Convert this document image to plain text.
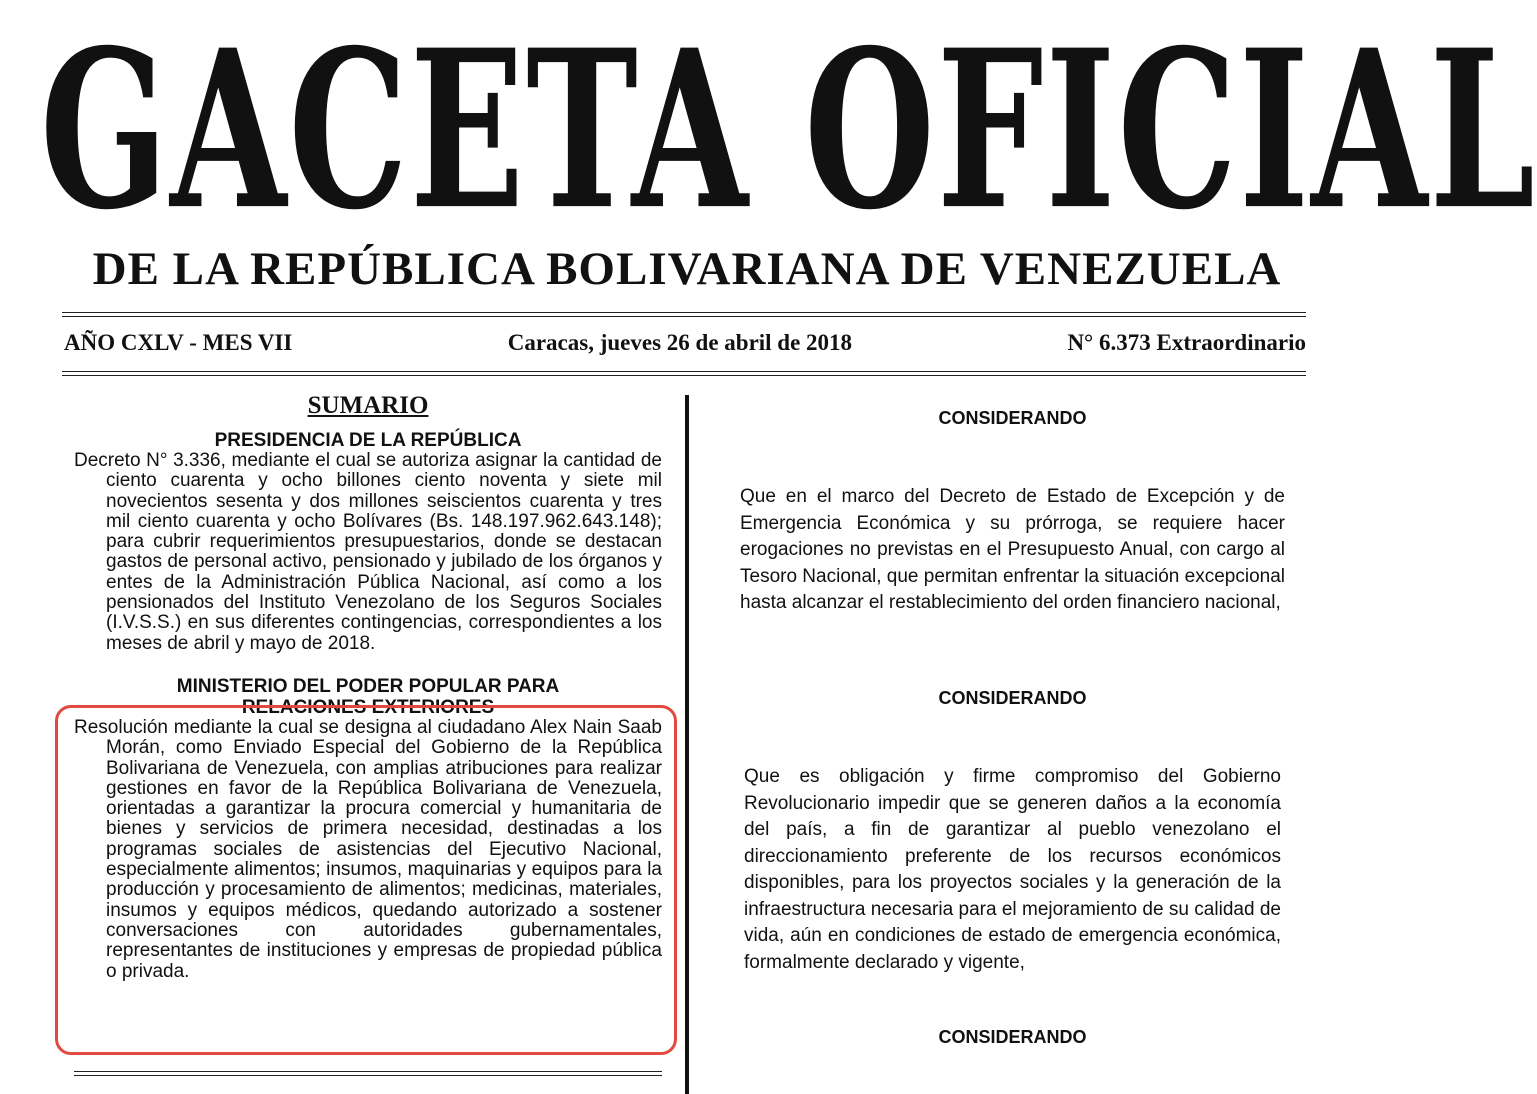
GACETA OFICIAL
DE LA REPÚBLICA BOLIVARIANA DE VENEZUELA
AÑO CXLV - MES VII	Caracas, jueves 26 de abril de 2018	N° 6.373 Extraordinario

SUMARIO

PRESIDENCIA DE LA REPÚBLICA

Decreto N° 3.336, mediante el cual se autoriza asignar la cantidad de ciento cuarenta y ocho billones ciento noventa y siete mil novecientos sesenta y dos millones seiscientos cuarenta y tres mil ciento cuarenta y ocho Bolívares (Bs. 148.197.962.643.148); para cubrir requerimientos presupuestarios, donde se destacan gastos de personal activo, pensionado y jubilado de los órganos y entes de la Administración Pública Nacional, así como a los pensionados del Instituto Venezolano de los Seguros Sociales (I.V.S.S.) en sus diferentes contingencias, correspondientes a los meses de abril y mayo de 2018.

MINISTERIO DEL PODER POPULAR PARA RELACIONES EXTERIORES

Resolución mediante la cual se designa al ciudadano Alex Nain Saab Morán, como Enviado Especial del Gobierno de la República Bolivariana de Venezuela, con amplias atribuciones para realizar gestiones en favor de la República Bolivariana de Venezuela, orientadas a garantizar la procura comercial y humanitaria de bienes y servicios de primera necesidad, destinadas a los programas sociales de asistencias del Ejecutivo Nacional, especialmente alimentos; insumos, maquinarias y equipos para la producción y procesamiento de alimentos; medicinas, materiales, insumos y equipos médicos, quedando autorizado a sostener conversaciones con autoridades gubernamentales, representantes de instituciones y empresas de propiedad pública o privada.

CONSIDERANDO

Que en el marco del Decreto de Estado de Excepción y de Emergencia Económica y su prórroga, se requiere hacer erogaciones no previstas en el Presupuesto Anual, con cargo al Tesoro Nacional, que permitan enfrentar la situación excepcional hasta alcanzar el restablecimiento del orden financiero nacional,

CONSIDERANDO

Que es obligación y firme compromiso del Gobierno Revolucionario impedir que se generen daños a la economía del país, a fin de garantizar al pueblo venezolano el direccionamiento preferente de los recursos económicos disponibles, para los proyectos sociales y la generación de la infraestructura necesaria para el mejoramiento de su calidad de vida, aún en condiciones de estado de emergencia económica, formalmente declarado y vigente,

CONSIDERANDO
